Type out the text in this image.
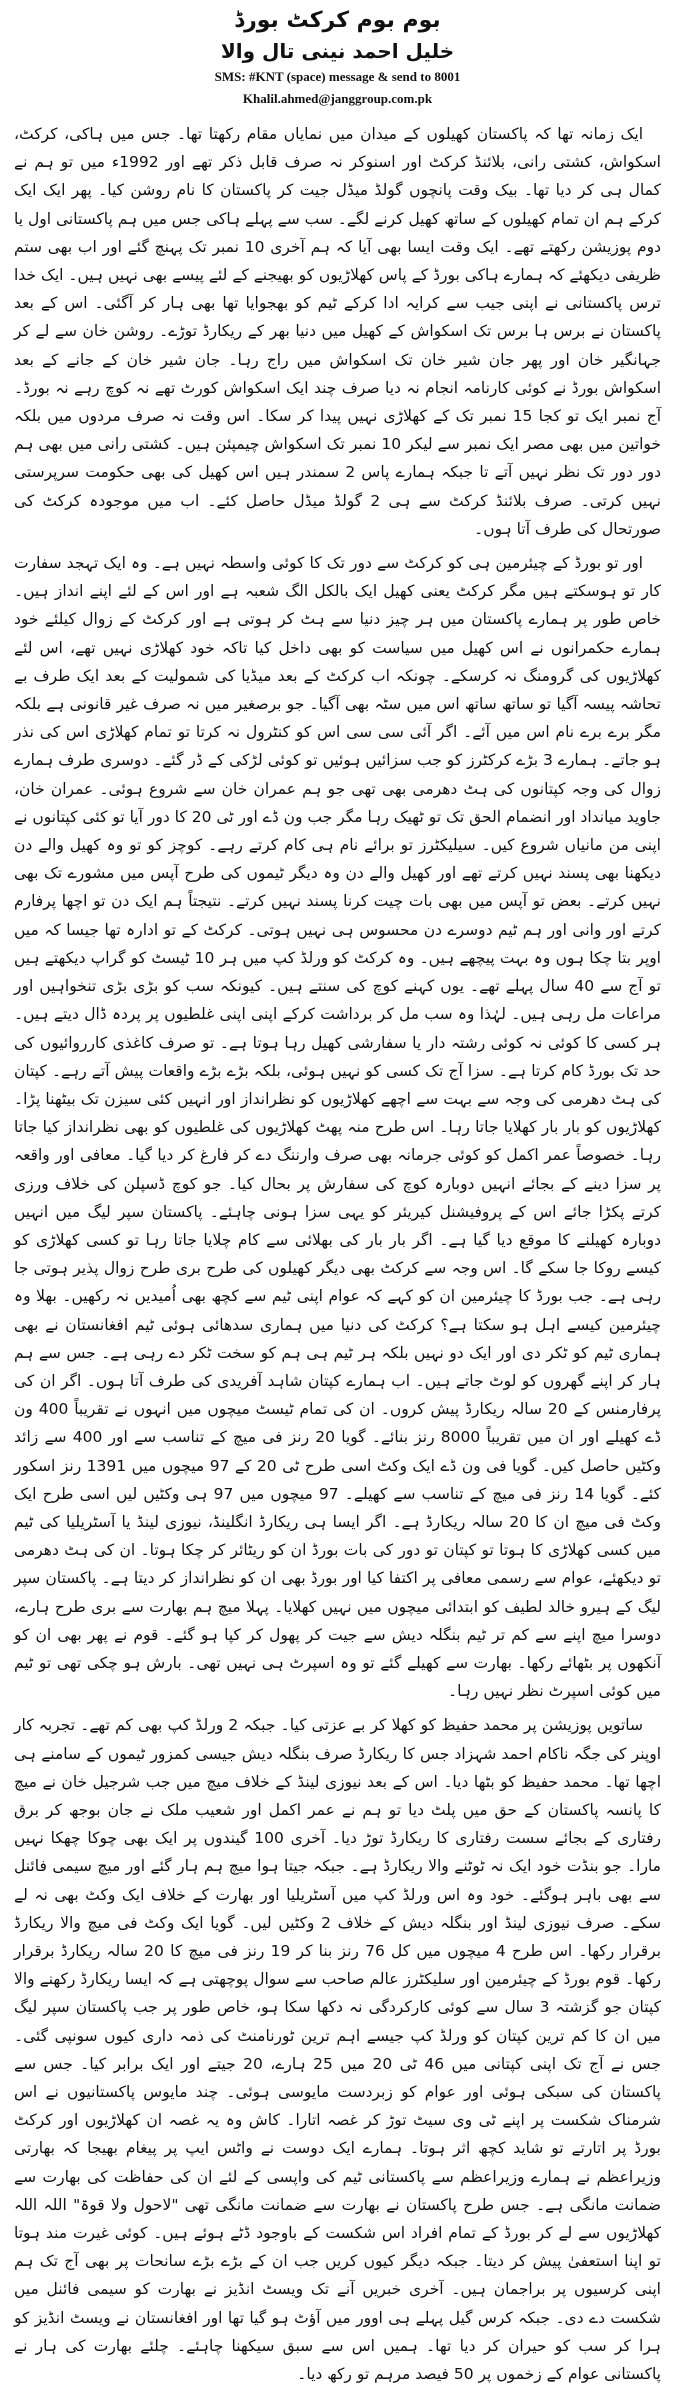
بوم بوم کرکٹ بورڈ
خلیل احمد نینی تال والا
SMS: #KNT (space) message & send to 8001
Khalil.ahmed@janggroup.com.pk

ایک زمانہ تھا کہ پاکستان کھیلوں کے میدان میں نمایاں مقام رکھتا تھا۔ جس میں ہاکی، کرکٹ، اسکواش، کشتی رانی، بلائنڈ کرکٹ اور اسنوکر نہ صرف قابل ذکر تھے اور 1992ء میں تو ہم نے کمال ہی کر دیا تھا۔ بیک وقت پانچوں گولڈ میڈل جیت کر پاکستان کا نام روشن کیا۔ پھر ایک ایک کرکے ہم ان تمام کھیلوں کے ساتھ کھیل کرنے لگے۔ سب سے پہلے ہاکی جس میں ہم پاکستانی اول یا دوم پوزیشن رکھتے تھے۔ ایک وقت ایسا بھی آیا کہ ہم آخری 10 نمبر تک پہنچ گئے اور اب بھی ستم ظریفی دیکھئے کہ ہمارے ہاکی بورڈ کے پاس کھلاڑیوں کو بھیجنے کے لئے پیسے بھی نہیں ہیں۔ ایک خدا ترس پاکستانی نے اپنی جیب سے کرایہ ادا کرکے ٹیم کو بھجوایا تھا بھی ہار کر آگئی۔ اس کے بعد پاکستان نے برس ہا برس تک اسکواش کے کھیل میں دنیا بھر کے ریکارڈ توڑے۔ روشن خان سے لے کر جہانگیر خان اور پھر جان شیر خان تک اسکواش میں راج رہا۔ جان شیر خان کے جانے کے بعد اسکواش بورڈ نے کوئی کارنامہ انجام نہ دیا صرف چند ایک اسکواش کورٹ تھے نہ کوچ رہے نہ بورڈ۔ آج نمبر ایک تو کجا 15 نمبر تک کے کھلاڑی نہیں پیدا کر سکا۔ اس وقت نہ صرف مردوں میں بلکہ خواتین میں بھی مصر ایک نمبر سے لیکر 10 نمبر تک اسکواش چیمپئن ہیں۔ کشتی رانی میں بھی ہم دور دور تک نظر نہیں آتے تا جبکہ ہمارے پاس 2 سمندر ہیں اس کھیل کی بھی حکومت سرپرستی نہیں کرتی۔ صرف بلائنڈ کرکٹ سے ہی 2 گولڈ میڈل حاصل کئے۔ اب میں موجودہ کرکٹ کی صورتحال کی طرف آتا ہوں۔

اور تو بورڈ کے چیئرمین ہی کو کرکٹ سے دور تک کا کوئی واسطہ نہیں ہے۔ وہ ایک تہجد سفارت کار تو ہوسکتے ہیں مگر کرکٹ یعنی کھیل ایک بالکل الگ شعبہ ہے اور اس کے لئے اپنے انداز ہیں۔ خاص طور پر ہمارے پاکستان میں ہر چیز دنیا سے ہٹ کر ہوتی ہے اور کرکٹ کے زوال کیلئے خود ہمارے حکمرانوں نے اس کھیل میں سیاست کو بھی داخل کیا تاکہ خود کھلاڑی نہیں تھے، اس لئے کھلاڑیوں کی گرومنگ نہ کرسکے۔ چونکہ اب کرکٹ کے بعد میڈیا کی شمولیت کے بعد ایک طرف بے تحاشہ پیسہ آگیا تو ساتھ ساتھ اس میں سٹہ بھی آگیا۔ جو برصغیر میں نہ صرف غیر قانونی ہے بلکہ مگر برے برے نام اس میں آئے۔ اگر آئی سی سی اس کو کنٹرول نہ کرتا تو تمام کھلاڑی اس کی نذر ہو جاتے۔ ہمارے 3 بڑے کرکٹرز کو جب سزائیں ہوئیں تو کوئی لڑکی کے ڈر گئے۔ دوسری طرف ہمارے زوال کی وجہ کپتانوں کی ہٹ دھرمی بھی تھی جو ہم عمران خان سے شروع ہوئی۔ عمران خان، جاوید میانداد اور انضمام الحق تک تو ٹھیک رہا مگر جب ون ڈے اور ٹی 20 کا دور آیا تو کئی کپتانوں نے اپنی من مانیاں شروع کیں۔ سیلیکٹرز تو برائے نام ہی کام کرتے رہے۔ کوچز کو تو وہ کھیل والے دن دیکھنا بھی پسند نہیں کرتے تھے اور کھیل والے دن وہ دیگر ٹیموں کی طرح آپس میں مشورے تک بھی نہیں کرتے۔ بعض تو آپس میں بھی بات چیت کرنا پسند نہیں کرتے۔ نتیجتاً ہم ایک دن تو اچھا پرفارم کرتے اور وانی اور ہم ٹیم دوسرے دن محسوس ہی نہیں ہوتی۔ کرکٹ کے تو ادارہ تھا جیسا کہ میں اوپر بتا چکا ہوں وہ بہت پیچھے ہیں۔ وہ کرکٹ کو ورلڈ کپ میں ہر 10 ٹیسٹ کو گراپ دیکھتے ہیں تو آج سے 40 سال پہلے تھے۔ یوں کہنے کوچ کی سنتے ہیں۔ کیونکہ سب کو بڑی بڑی تنخواہیں اور مراعات مل رہی ہیں۔ لہٰذا وہ سب مل کر برداشت کرکے اپنی اپنی غلطیوں پر پردہ ڈال دیتے ہیں۔ ہر کسی کا کوئی نہ کوئی رشتہ دار یا سفارشی کھیل رہا ہوتا ہے۔ تو صرف کاغذی کارروائیوں کی حد تک بورڈ کام کرتا ہے۔ سزا آج تک کسی کو نہیں ہوئی، بلکہ بڑے بڑے واقعات پیش آتے رہے۔ کپتان کی ہٹ دھرمی کی وجہ سے بہت سے اچھے کھلاڑیوں کو نظرانداز اور انہیں کئی سیزن تک بیٹھنا پڑا۔ کھلاڑیوں کو بار بار کھلایا جاتا رہا۔ اس طرح منہ پھٹ کھلاڑیوں کی غلطیوں کو بھی نظرانداز کیا جاتا رہا۔ خصوصاً عمر اکمل کو کوئی جرمانہ بھی صرف وارننگ دے کر فارغ کر دیا گیا۔ معافی اور واقعہ پر سزا دینے کے بجائے انہیں دوبارہ کوچ کی سفارش پر بحال کیا۔ جو کوچ ڈسپلن کی خلاف ورزی کرتے پکڑا جائے اس کے پروفیشنل کیریئر کو یہی سزا ہونی چاہئے۔ پاکستان سپر لیگ میں انہیں دوبارہ کھیلنے کا موقع دیا گیا ہے۔ اگر بار بار کی بھلائی سے کام چلایا جاتا رہا تو کسی کھلاڑی کو کیسے روکا جا سکے گا۔ اس وجہ سے کرکٹ بھی دیگر کھیلوں کی طرح بری طرح زوال پذیر ہوتی جا رہی ہے۔ جب بورڈ کا چیئرمین ان کو کہے کہ عوام اپنی ٹیم سے کچھ بھی اُمیدیں نہ رکھیں۔ بھلا وہ چیئرمین کیسے اہل ہو سکتا ہے؟ کرکٹ کی دنیا میں ہماری سدھائی ہوئی ٹیم افغانستان نے بھی ہماری ٹیم کو ٹکر دی اور ایک دو نہیں بلکہ ہر ٹیم ہی ہم کو سخت ٹکر دے رہی ہے۔ جس سے ہم ہار کر اپنے گھروں کو لوٹ جاتے ہیں۔ اب ہمارے کپتان شاہد آفریدی کی طرف آتا ہوں۔ اگر ان کی پرفارمنس کے 20 سالہ ریکارڈ پیش کروں۔ ان کی تمام ٹیسٹ میچوں میں انہوں نے تقریباً 400 ون ڈے کھیلے اور ان میں تقریباً 8000 رنز بنائے۔ گویا 20 رنز فی میچ کے تناسب سے اور 400 سے زائد وکٹیں حاصل کیں۔ گویا فی ون ڈے ایک وکٹ اسی طرح ٹی 20 کے 97 میچوں میں 1391 رنز اسکور کئے۔ گویا 14 رنز فی میچ کے تناسب سے کھیلے۔ 97 میچوں میں 97 ہی وکٹیں لیں اسی طرح ایک وکٹ فی میچ ان کا 20 سالہ ریکارڈ ہے۔ اگر ایسا ہی ریکارڈ انگلینڈ، نیوزی لینڈ یا آسٹریلیا کی ٹیم میں کسی کھلاڑی کا ہوتا تو کپتان تو دور کی بات بورڈ ان کو ریٹائر کر چکا ہوتا۔ ان کی ہٹ دھرمی تو دیکھئے، عوام سے رسمی معافی پر اکتفا کیا اور بورڈ بھی ان کو نظرانداز کر دیتا ہے۔ پاکستان سپر لیگ کے ہیرو خالد لطیف کو ابتدائی میچوں میں نہیں کھلایا۔ پہلا میچ ہم بھارت سے بری طرح ہارے، دوسرا میچ اپنے سے کم تر ٹیم بنگلہ دیش سے جیت کر پھول کر کپا ہو گئے۔ قوم نے پھر بھی ان کو آنکھوں پر بٹھائے رکھا۔ بھارت سے کھیلے گئے تو وہ اسپرٹ ہی نہیں تھی۔ بارش ہو چکی تھی تو ٹیم میں کوئی اسپرٹ نظر نہیں رہا۔

ساتویں پوزیشن پر محمد حفیظ کو کھلا کر بے عزتی کیا۔ جبکہ 2 ورلڈ کپ بھی کم تھے۔ تجربہ کار اوپنر کی جگہ ناکام احمد شہزاد جس کا ریکارڈ صرف بنگلہ دیش جیسی کمزور ٹیموں کے سامنے ہی اچھا تھا۔ محمد حفیظ کو بٹھا دیا۔ اس کے بعد نیوزی لینڈ کے خلاف میچ میں جب شرجیل خان نے میچ کا پانسہ پاکستان کے حق میں پلٹ دیا تو ہم نے عمر اکمل اور شعیب ملک نے جان بوجھ کر برق رفتاری کے بجائے سست رفتاری کا ریکارڈ توڑ دیا۔ آخری 100 گیندوں پر ایک بھی چوکا چھکا نہیں مارا۔ جو بنڈت خود ایک نہ ٹوٹنے والا ریکارڈ ہے۔ جبکہ جیتا ہوا میچ ہم ہار گئے اور میچ سیمی فائنل سے بھی باہر ہوگئے۔ خود وہ اس ورلڈ کپ میں آسٹریلیا اور بھارت کے خلاف ایک وکٹ بھی نہ لے سکے۔ صرف نیوزی لینڈ اور بنگلہ دیش کے خلاف 2 وکٹیں لیں۔ گویا ایک وکٹ فی میچ والا ریکارڈ برقرار رکھا۔ اس طرح 4 میچوں میں کل 76 رنز بنا کر 19 رنز فی میچ کا 20 سالہ ریکارڈ برقرار رکھا۔ قوم بورڈ کے چیئرمین اور سلیکٹرز عالم صاحب سے سوال پوچھتی ہے کہ ایسا ریکارڈ رکھنے والا کپتان جو گزشتہ 3 سال سے کوئی کارکردگی نہ دکھا سکا ہو، خاص طور پر جب پاکستان سپر لیگ میں ان کا کم ترین کپتان کو ورلڈ کپ جیسے اہم ترین ٹورنامنٹ کی ذمہ داری کیوں سونپی گئی۔ جس نے آج تک اپنی کپتانی میں 46 ٹی 20 میں 25 ہارے، 20 جیتے اور ایک برابر کیا۔ جس سے پاکستان کی سبکی ہوئی اور عوام کو زبردست مایوسی ہوئی۔ چند مایوس پاکستانیوں نے اس شرمناک شکست پر اپنے ٹی وی سیٹ توڑ کر غصہ اتارا۔ کاش وہ یہ غصہ ان کھلاڑیوں اور کرکٹ بورڈ پر اتارتے تو شاید کچھ اثر ہوتا۔ ہمارے ایک دوست نے واٹس ایپ پر پیغام بھیجا کہ بھارتی وزیراعظم نے ہمارے وزیراعظم سے پاکستانی ٹیم کی واپسی کے لئے ان کی حفاظت کی بھارت سے ضمانت مانگی ہے۔ جس طرح پاکستان نے بھارت سے ضمانت مانگی تھی "لاحول ولا قوۃ" اللہ اللہ کھلاڑیوں سے لے کر بورڈ کے تمام افراد اس شکست کے باوجود ڈٹے ہوئے ہیں۔ کوئی غیرت مند ہوتا تو اپنا استعفیٰ پیش کر دیتا۔ جبکہ دیگر کیوں کریں جب ان کے بڑے بڑے سانحات پر بھی آج تک ہم اپنی کرسیوں پر براجمان ہیں۔ آخری خبریں آنے تک ویسٹ انڈیز نے بھارت کو سیمی فائنل میں شکست دے دی۔ جبکہ کرس گیل پہلے ہی اوور میں آؤٹ ہو گیا تھا اور افغانستان نے ویسٹ انڈیز کو ہرا کر سب کو حیران کر دیا تھا۔ ہمیں اس سے سبق سیکھنا چاہئے۔ چلئے بھارت کی ہار نے پاکستانی عوام کے زخموں پر 50 فیصد مرہم تو رکھ دیا۔
